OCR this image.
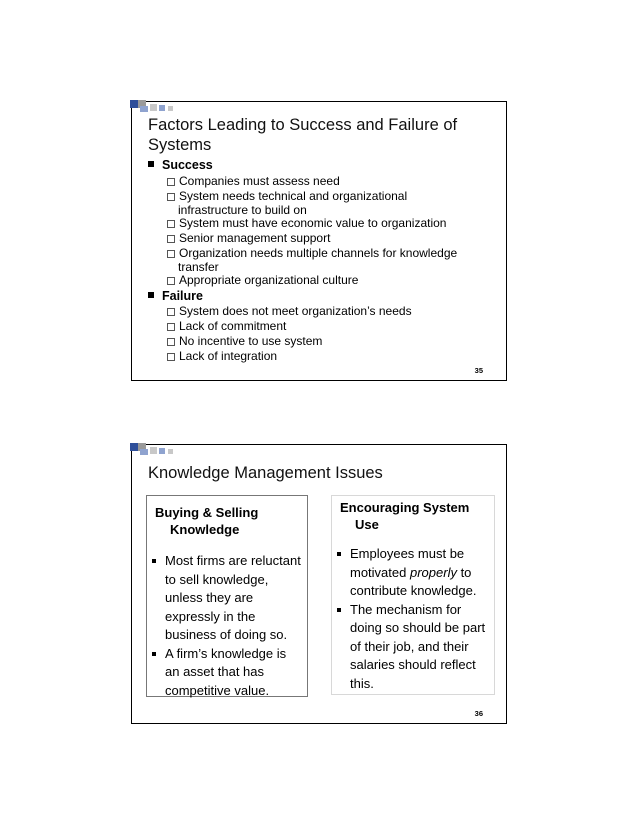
Factors Leading to Success and Failure of Systems
Success
Companies must assess need
System needs technical and organizational infrastructure to build on
System must have economic value to organization
Senior management support
Organization needs multiple channels for knowledge transfer
Appropriate organizational culture
Failure
System does not meet organization’s needs
Lack of commitment
No incentive to use system
Lack of integration
35
Knowledge Management Issues
Buying & Selling Knowledge
Most firms are reluctant to sell knowledge, unless they are expressly in the business of doing so.
A firm’s knowledge is an asset that has competitive value.
Encouraging System Use
Employees must be motivated properly to contribute knowledge.
The mechanism for doing so should be part of their job, and their salaries should reflect this.
36
